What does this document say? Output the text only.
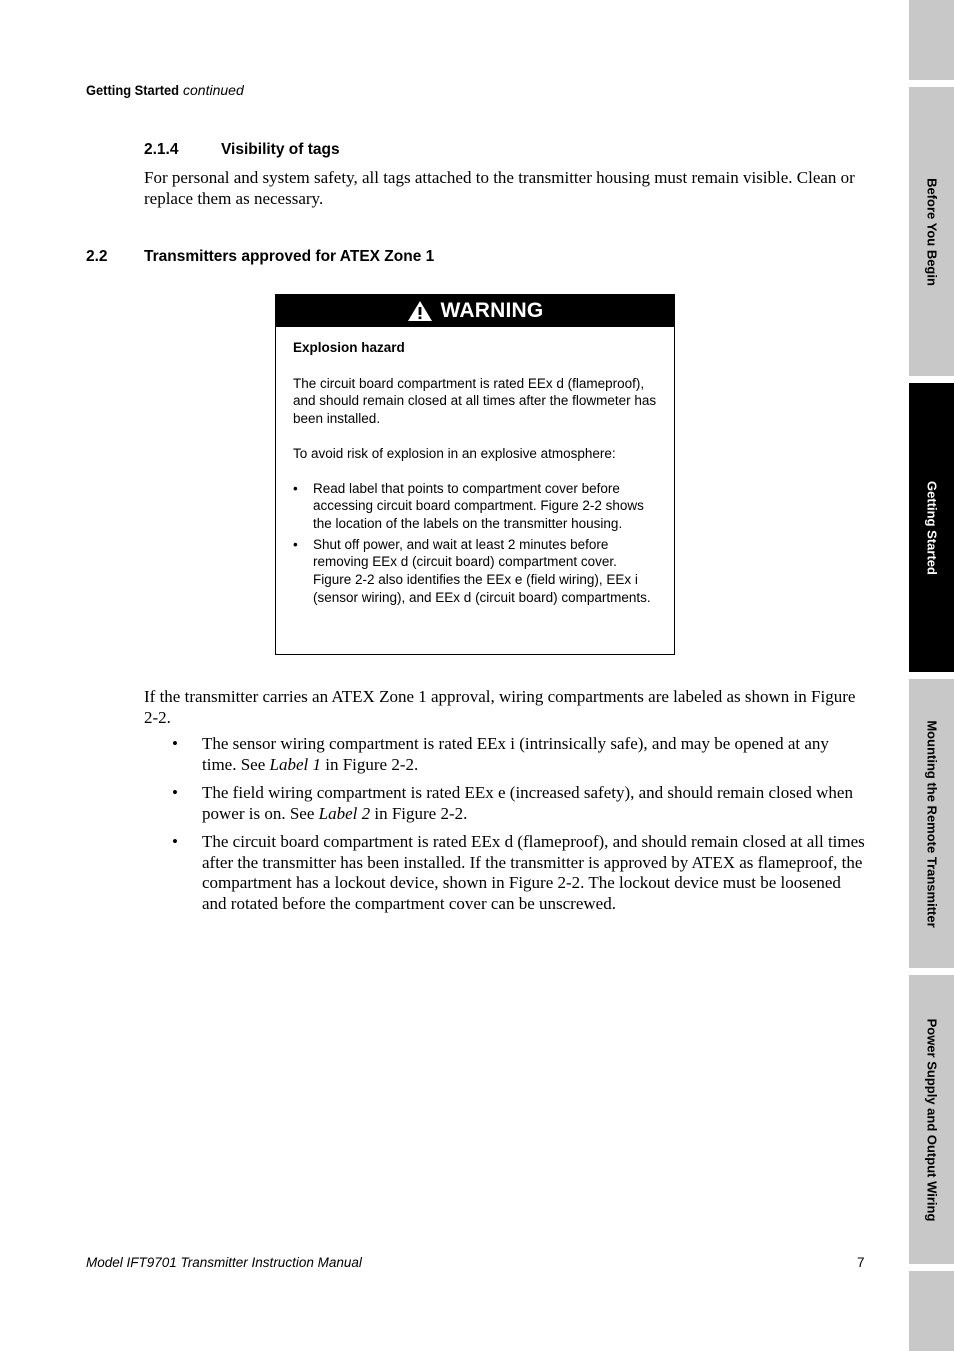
Getting Started continued
2.1.4	Visibility of tags

For personal and system safety, all tags attached to the transmitter housing must remain visible. Clean or replace them as necessary.

2.2 Transmitters approved for ATEX Zone 1
WARNING

Explosion hazard

The circuit board compartment is rated EEx d (flameproof), and should remain closed at all times after the flowmeter has been installed.

To avoid risk of explosion in an explosive atmosphere:

• Read label that points to compartment cover before accessing circuit board compartment. Figure 2-2 shows the location of the labels on the transmitter housing.
• Shut off power, and wait at least 2 minutes before removing EEx d (circuit board) compartment cover. Figure 2-2 also identifies the EEx e (field wiring), EEx i (sensor wiring), and EEx d (circuit board) compartments.

If the transmitter carries an ATEX Zone 1 approval, wiring compartments are labeled as shown in Figure 2-2.

• The sensor wiring compartment is rated EEx i (intrinsically safe), and may be opened at any time. See Label 1 in Figure 2-2.
• The field wiring compartment is rated EEx e (increased safety), and should remain closed when power is on. See Label 2 in Figure 2-2.
• The circuit board compartment is rated EEx d (flameproof), and should remain closed at all times after the transmitter has been installed. If the transmitter is approved by ATEX as flameproof, the compartment has a lockout device, shown in Figure 2-2. The lockout device must be loosened and rotated before the compartment cover can be unscrewed.
Model IFT9701 Transmitter Instruction Manual	7
Before You Begin
Getting Started
Mounting the Remote Transmitter
Power Supply and Output Wiring
